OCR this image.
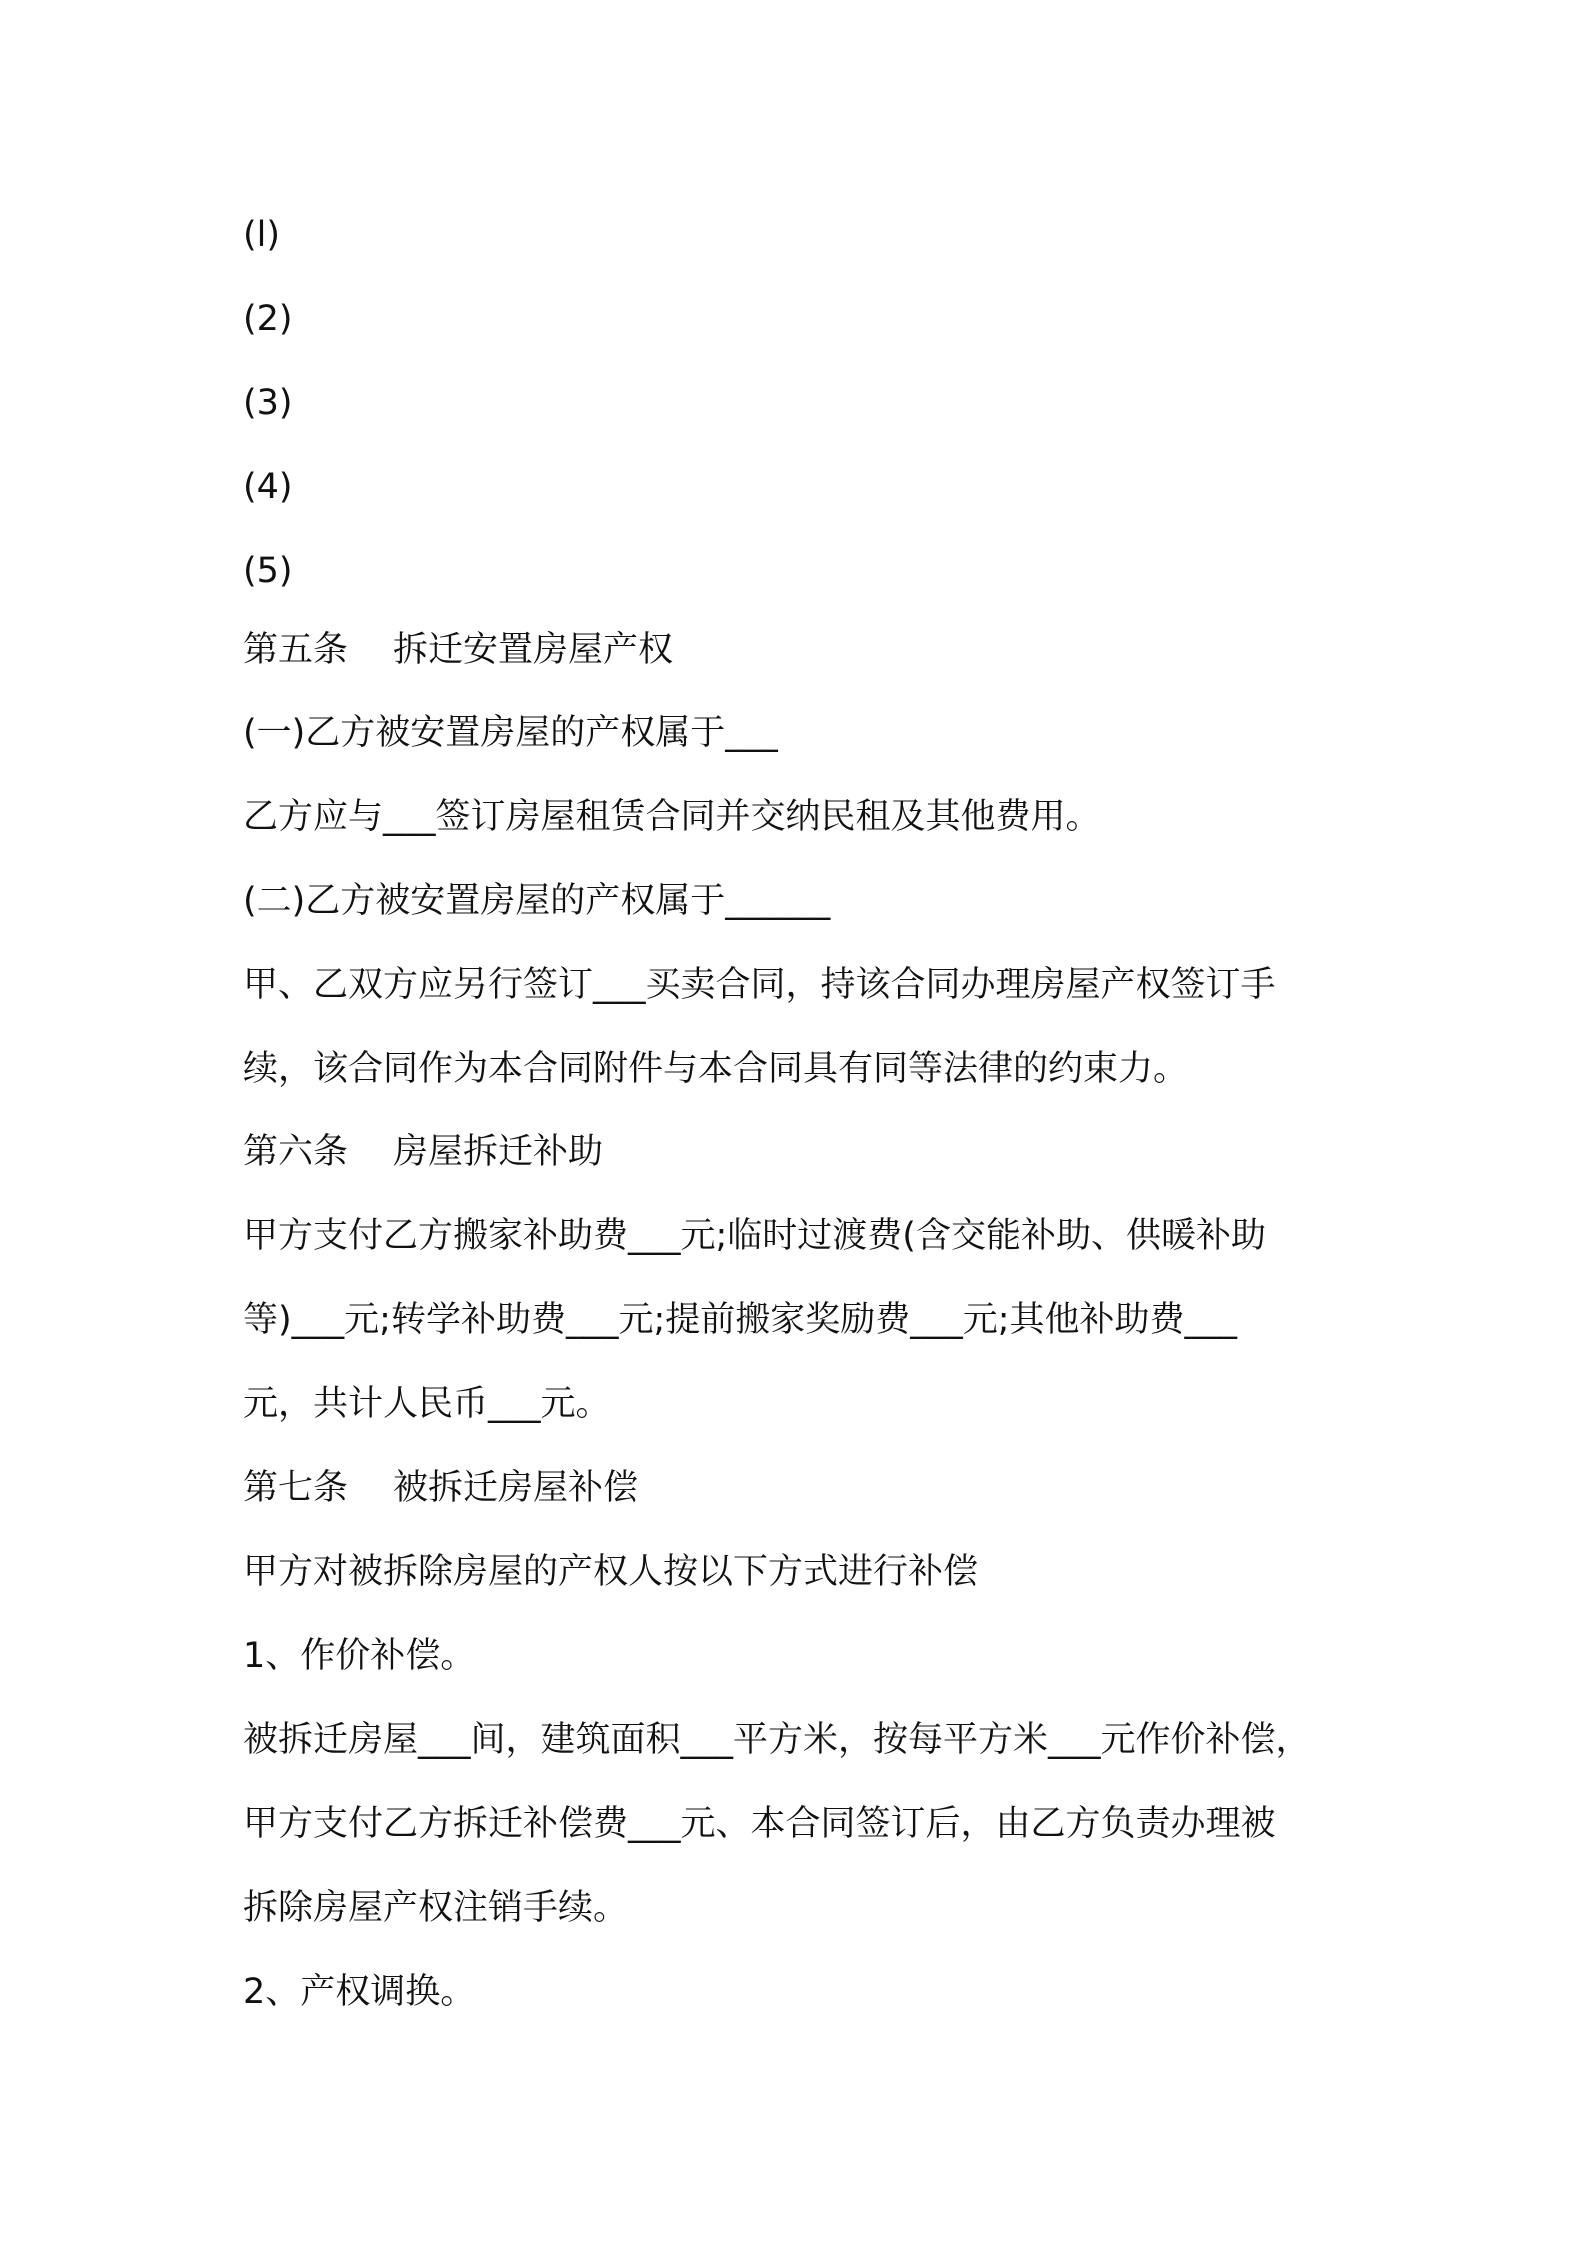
(l)

(2)

(3)

(4)

(5)

第五条 拆迁安置房屋产权

(一)乙方被安置房屋的产权属于___

乙方应与___签订房屋租赁合同并交纳民租及其他费用。

(二)乙方被安置房屋的产权属于______

甲、乙双方应另行签订___买卖合同，持该合同办理房屋产权签订手

续，该合同作为本合同附件与本合同具有同等法律的约束力。

第六条 房屋拆迁补助

甲方支付乙方搬家补助费___元;临时过渡费(含交能补助、供暖补助

等)___元;转学补助费___元;提前搬家奖励费___元;其他补助费___

元，共计人民币___元。

第七条 被拆迁房屋补偿

甲方对被拆除房屋的产权人按以下方式进行补偿

1、作价补偿。

被拆迁房屋___间，建筑面积___平方米，按每平方米___元作价补偿，

甲方支付乙方拆迁补偿费___元、本合同签订后，由乙方负责办理被

拆除房屋产权注销手续。

2、产权调换。
